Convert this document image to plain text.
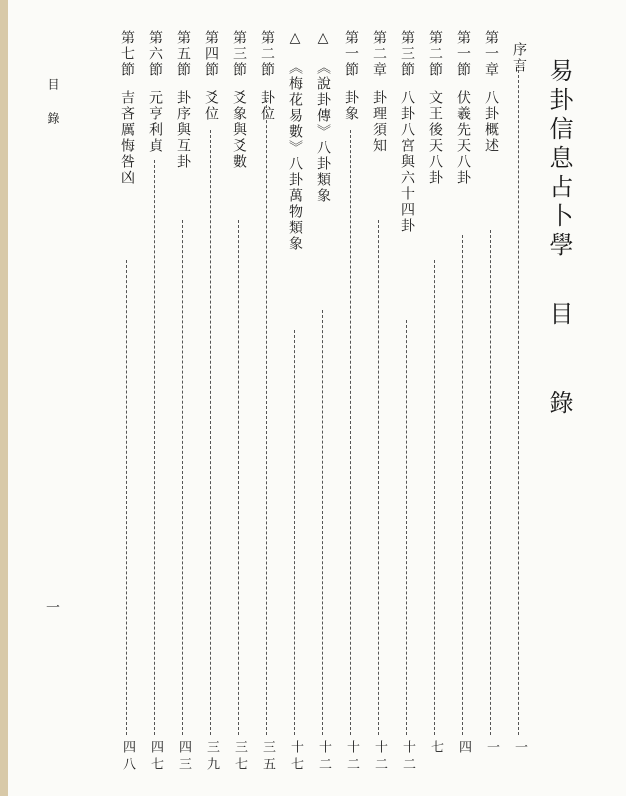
易卦信息占卜學目錄
目錄
一
序言
一
第一章八卦概述
一
第一節伏羲先天八卦
四
第二節文王後天八卦
七
第三節八卦八宮與六十四卦
十二
第二章卦理須知
十二
第一節卦象
十二
△《說卦傳》八卦類象
十二
△《梅花易數》八卦萬物類象
十七
第二節卦位
三五
第三節爻象與爻數
三七
第四節爻位
三九
第五節卦序與互卦
四三
第六節元亨利貞
四七
第七節吉吝厲悔咎凶
四八
